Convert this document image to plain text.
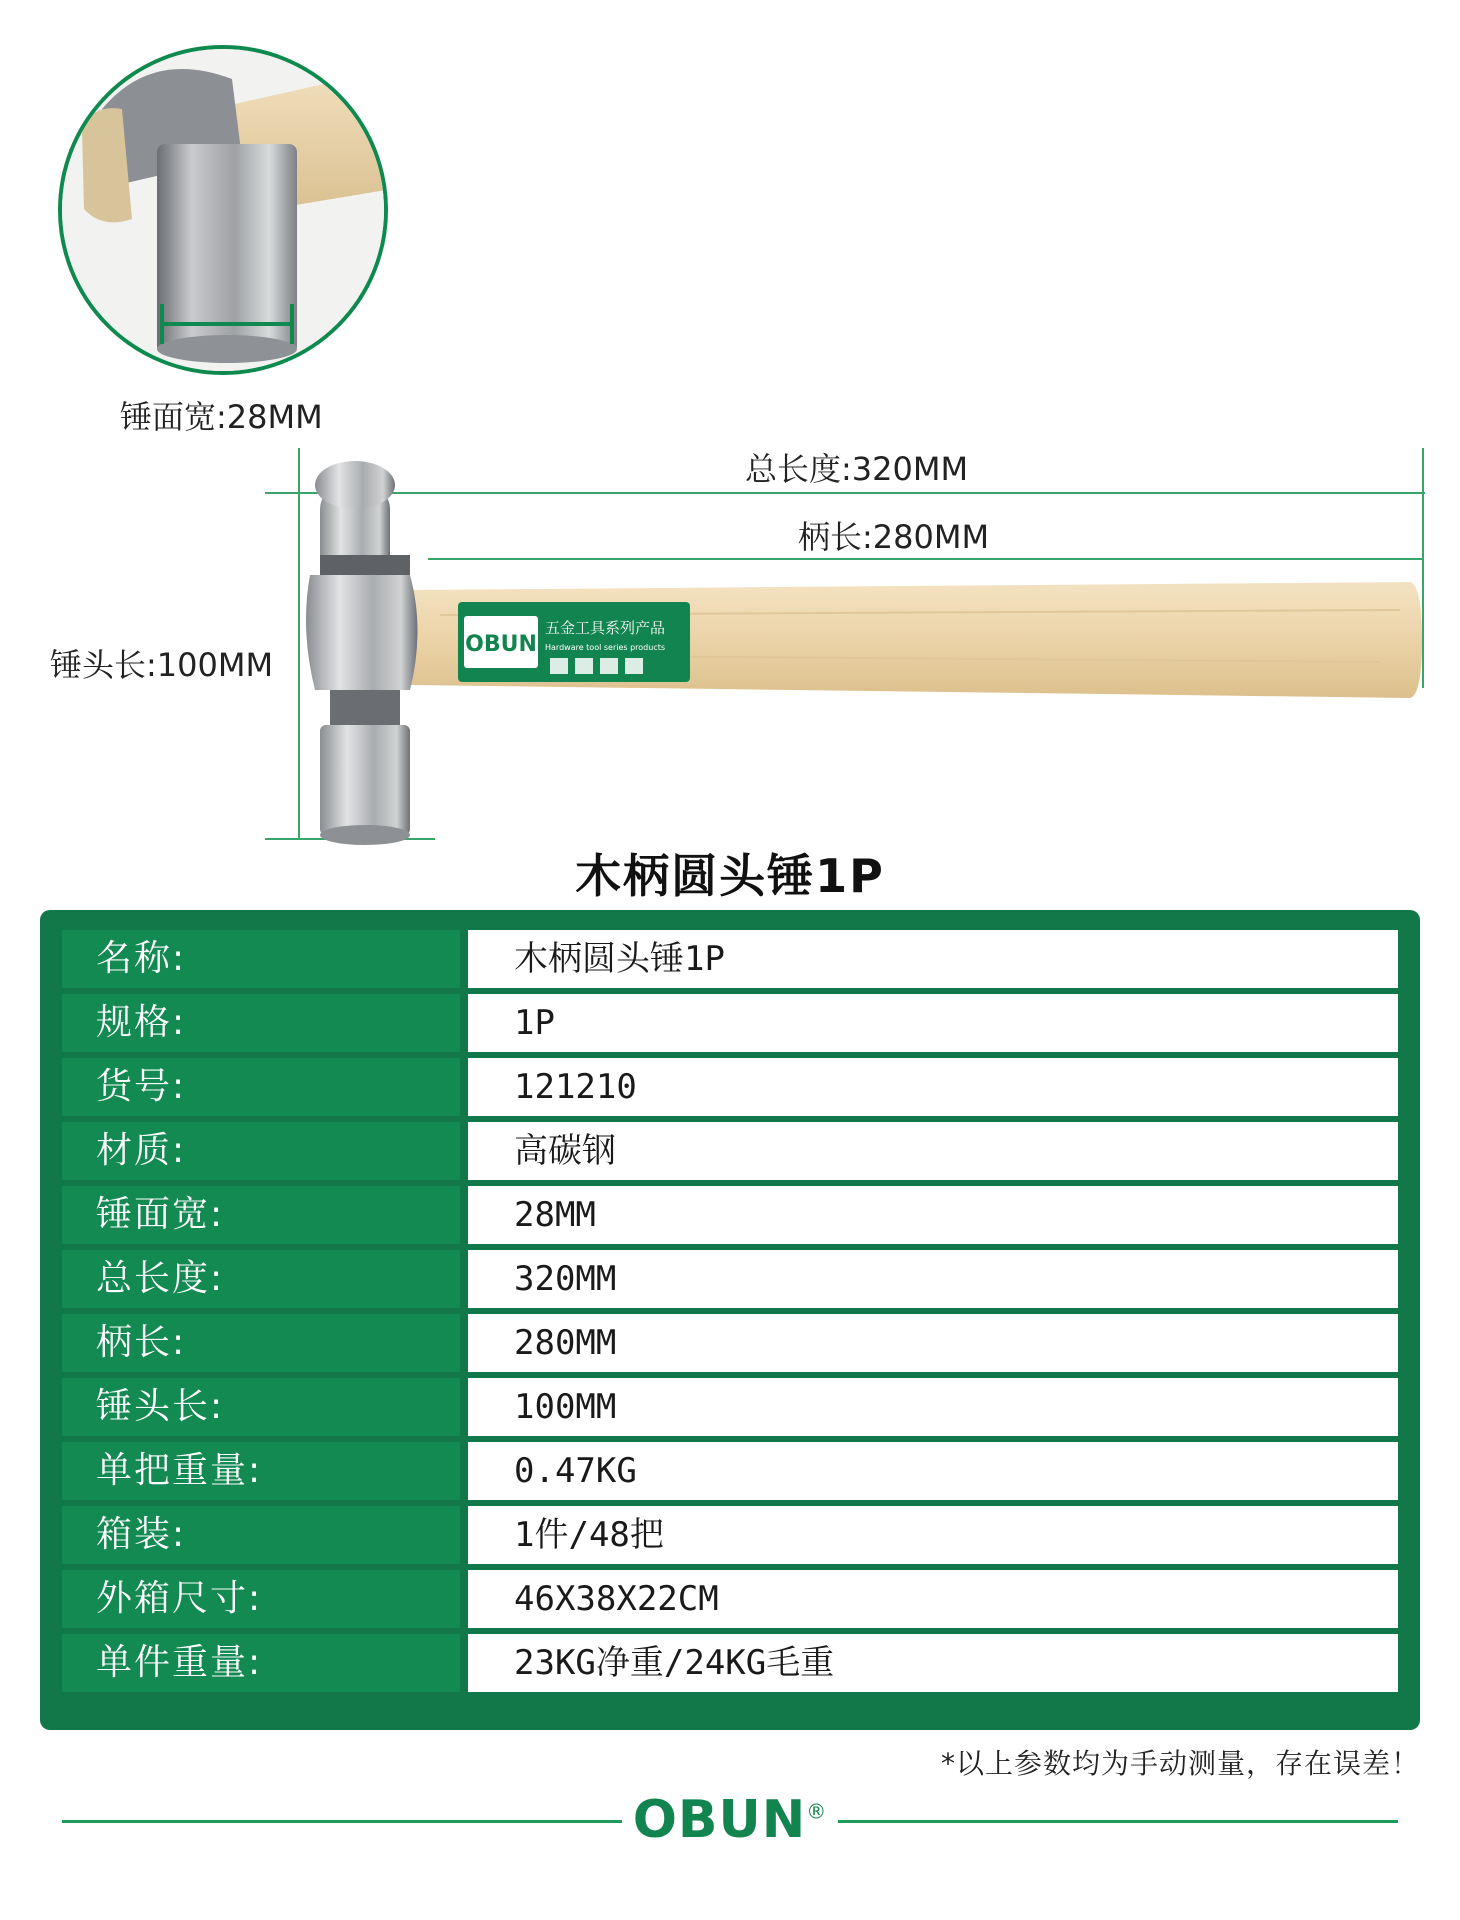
锤面宽:28MM
总长度:320MM
柄长:280MM
锤头长:100MM
OBUN
五金工具系列产品
Hardware tool series products
木柄圆头锤1P
名称:	木柄圆头锤1P
规格:	1P
货号:	121210
材质:	高碳钢
锤面宽:	28MM
总长度:	320MM
柄长:	280MM
锤头长:	100MM
单把重量:	0.47KG
箱装:	1件/48把
外箱尺寸:	46X38X22CM
单件重量:	23KG净重/24KG毛重
*以上参数均为手动测量，存在误差！
OBUN®
